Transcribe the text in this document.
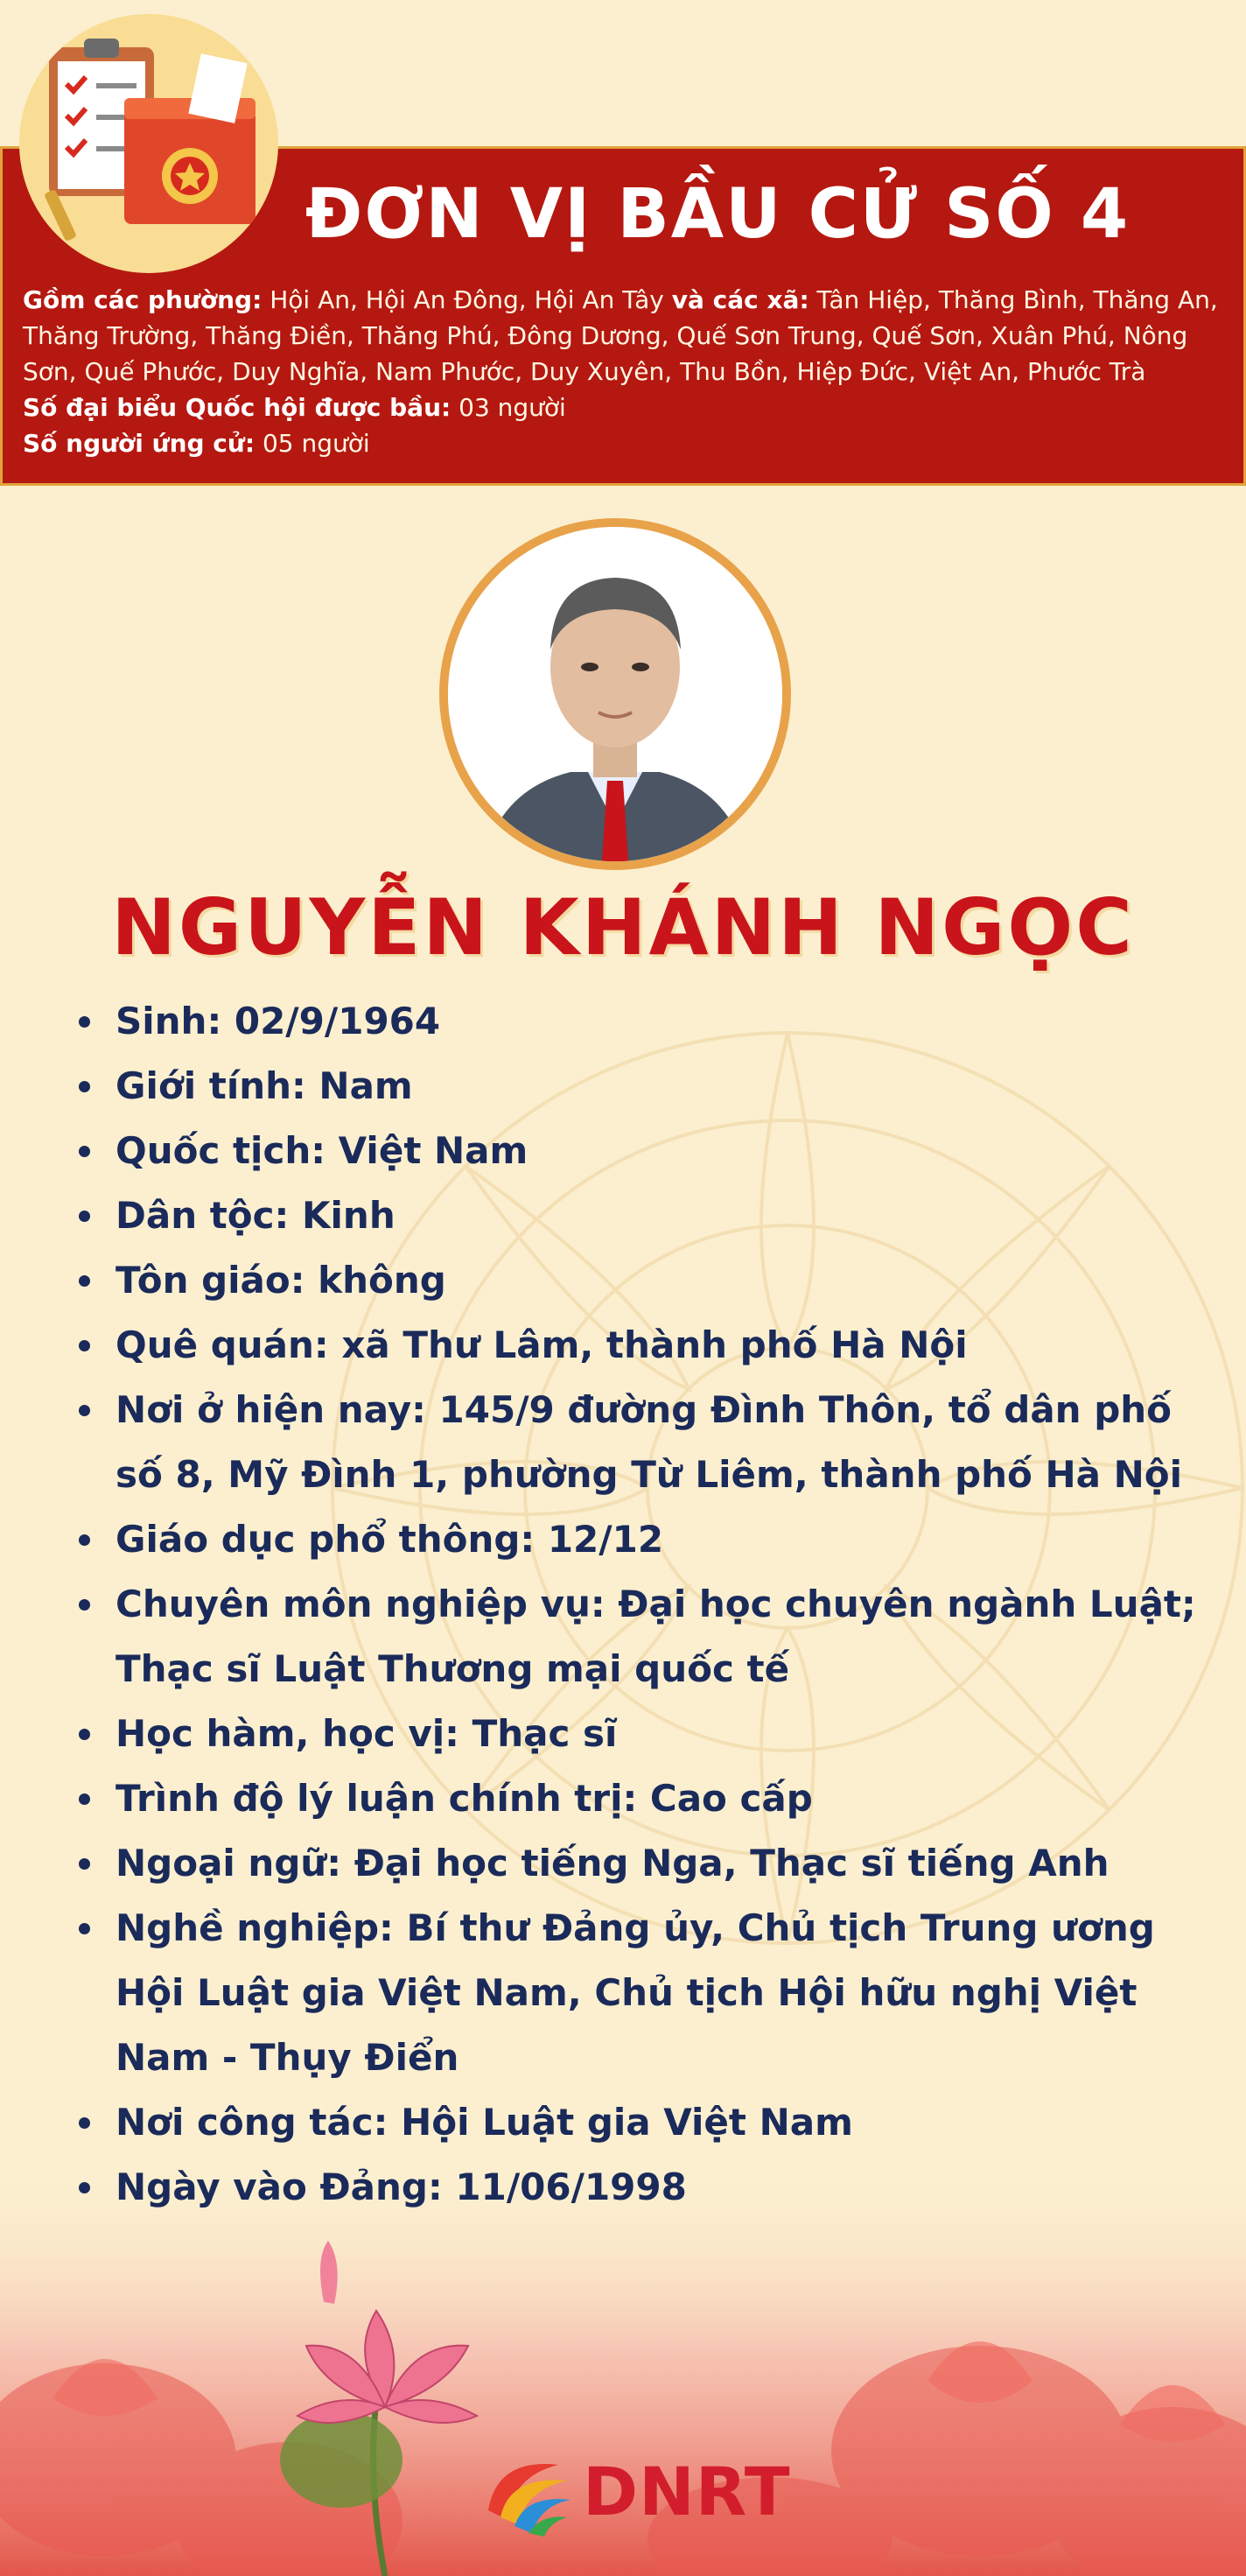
ĐƠN VỊ BẦU CỬ SỐ 4
Gồm các phường: Hội An, Hội An Đông, Hội An Tây và các xã: Tân Hiệp, Thăng Bình, Thăng An, Thăng Trường, Thăng Điền, Thăng Phú, Đông Dương, Quế Sơn Trung, Quế Sơn, Xuân Phú, Nông Sơn, Quế Phước, Duy Nghĩa, Nam Phước, Duy Xuyên, Thu Bồn, Hiệp Đức, Việt An, Phước Trà
Số đại biểu Quốc hội được bầu: 03 người
Số người ứng cử: 05 người
NGUYỄN KHÁNH NGỌC
Sinh: 02/9/1964
Giới tính: Nam
Quốc tịch: Việt Nam
Dân tộc: Kinh
Tôn giáo: không
Quê quán: xã Thư Lâm, thành phố Hà Nội
Nơi ở hiện nay: 145/9 đường Đình Thôn, tổ dân phố số 8, Mỹ Đình 1, phường Từ Liêm, thành phố Hà Nội
Giáo dục phổ thông: 12/12
Chuyên môn nghiệp vụ: Đại học chuyên ngành Luật; Thạc sĩ Luật Thương mại quốc tế
Học hàm, học vị: Thạc sĩ
Trình độ lý luận chính trị: Cao cấp
Ngoại ngữ: Đại học tiếng Nga, Thạc sĩ tiếng Anh
Nghề nghiệp: Bí thư Đảng ủy, Chủ tịch Trung ương Hội Luật gia Việt Nam, Chủ tịch Hội hữu nghị Việt Nam - Thụy Điển
Nơi công tác: Hội Luật gia Việt Nam
Ngày vào Đảng: 11/06/1998
DNRT
